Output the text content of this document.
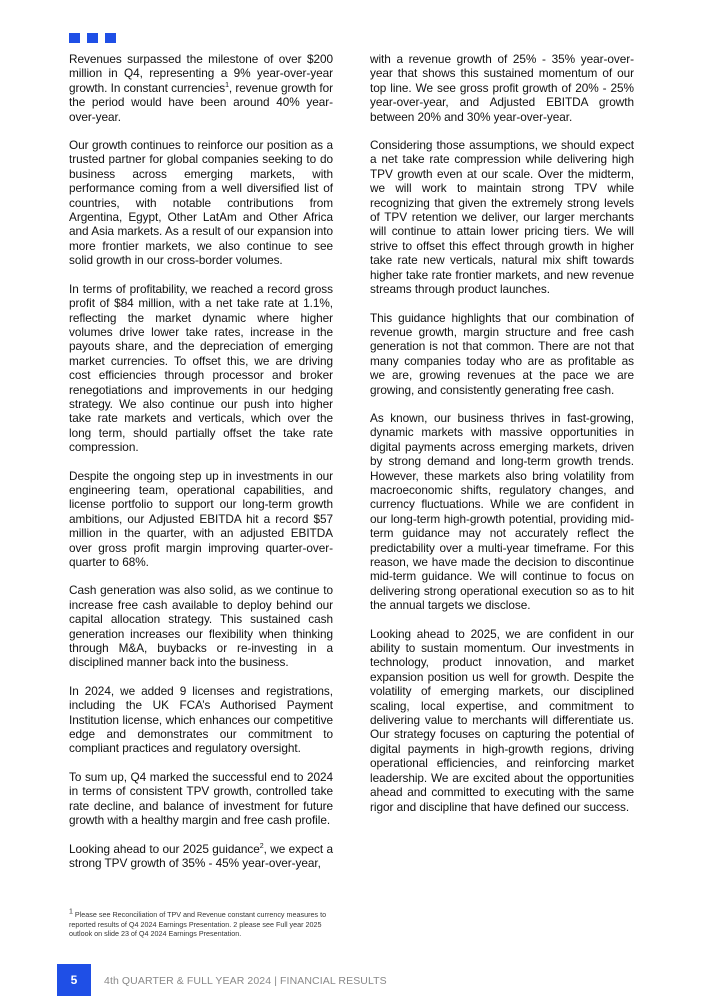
Revenues surpassed the milestone of over $200 million in Q4, representing a 9% year-over-year growth. In constant currencies$^1$, revenue growth for the period would have been around 40% year-over-year.

Our growth continues to reinforce our position as a trusted partner for global companies seeking to do business across emerging markets, with performance coming from a well diversified list of countries, with notable contributions from Argentina, Egypt, Other LatAm and Other Africa and Asia markets. As a result of our expansion into more frontier markets, we also continue to see solid growth in our cross-border volumes.

In terms of profitability, we reached a record gross profit of $84 million, with a net take rate at 1.1%, reflecting the market dynamic where higher volumes drive lower take rates, increase in the payouts share, and the depreciation of emerging market currencies. To offset this, we are driving cost efficiencies through processor and broker renegotiations and improvements in our hedging strategy. We also continue our push into higher take rate markets and verticals, which over the long term, should partially offset the take rate compression.

Despite the ongoing step up in investments in our engineering team, operational capabilities, and license portfolio to support our long-term growth ambitions, our Adjusted EBITDA hit a record $57 million in the quarter, with an adjusted EBITDA over gross profit margin improving quarter-over-quarter to 68%.

Cash generation was also solid, as we continue to increase free cash available to deploy behind our capital allocation strategy. This sustained cash generation increases our flexibility when thinking through M&A, buybacks or re-investing in a disciplined manner back into the business.

In 2024, we added 9 licenses and registrations, including the UK FCA’s Authorised Payment Institution license, which enhances our competitive edge and demonstrates our commitment to compliant practices and regulatory oversight.

To sum up, Q4 marked the successful end to 2024 in terms of consistent TPV growth, controlled take rate decline, and balance of investment for future growth with a healthy margin and free cash profile.

Looking ahead to our 2025 guidance$^2$, we expect a strong TPV growth of 35% - 45% year-over-year,

with a revenue growth of 25% - 35% year-over-year that shows this sustained momentum of our top line. We see gross profit growth of 20% - 25% year-over-year, and Adjusted EBITDA growth between 20% and 30% year-over-year.

Considering those assumptions, we should expect a net take rate compression while delivering high TPV growth even at our scale. Over the midterm, we will work to maintain strong TPV while recognizing that given the extremely strong levels of TPV retention we deliver, our larger merchants will continue to attain lower pricing tiers. We will strive to offset this effect through growth in higher take rate new verticals, natural mix shift towards higher take rate frontier markets, and new revenue streams through product launches.

This guidance highlights that our combination of revenue growth, margin structure and free cash generation is not that common. There are not that many companies today who are as profitable as we are, growing revenues at the pace we are growing, and consistently generating free cash.

As known, our business thrives in fast-growing, dynamic markets with massive opportunities in digital payments across emerging markets, driven by strong demand and long-term growth trends. However, these markets also bring volatility from macroeconomic shifts, regulatory changes, and currency fluctuations. While we are confident in our long-term high-growth potential, providing mid-term guidance may not accurately reflect the predictability over a multi-year timeframe. For this reason, we have made the decision to discontinue mid-term guidance. We will continue to focus on delivering strong operational execution so as to hit the annual targets we disclose.

Looking ahead to 2025, we are confident in our ability to sustain momentum. Our investments in technology, product innovation, and market expansion position us well for growth. Despite the volatility of emerging markets, our disciplined scaling, local expertise, and commitment to delivering value to merchants will differentiate us. Our strategy focuses on capturing the potential of digital payments in high-growth regions, driving operational efficiencies, and reinforcing market leadership. We are excited about the opportunities ahead and committed to executing with the same rigor and discipline that have defined our success.

$^1$ Please see Reconciliation of TPV and Revenue constant currency measures to reported results of Q4 2024 Earnings Presentation. 2 please see Full year 2025 outlook on slide 23 of Q4 2024 Earnings Presentation.
5	4th QUARTER & FULL YEAR 2024 | FINANCIAL RESULTS
